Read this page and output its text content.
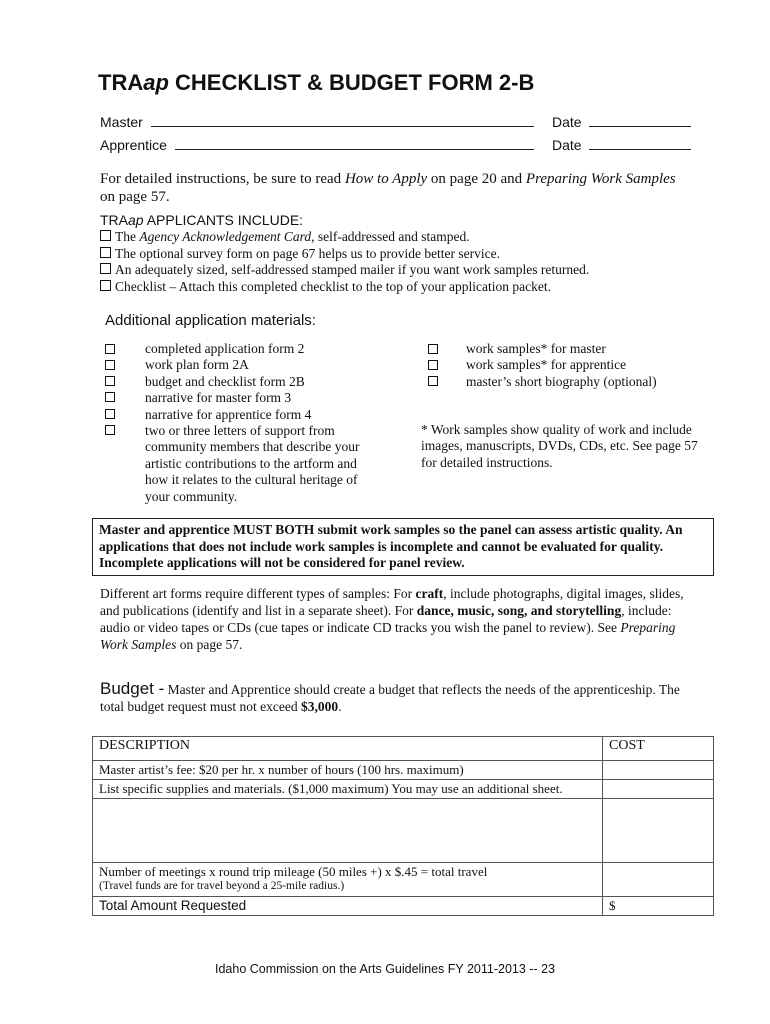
TRAap CHECKLIST & BUDGET FORM 2-B
Master	Date
Apprentice	Date
For detailed instructions, be sure to read How to Apply on page 20 and Preparing Work Samples on page 57.
TRAap APPLICANTS INCLUDE:
The Agency Acknowledgement Card, self-addressed and stamped.
The optional survey form on page 67 helps us to provide better service.
An adequately sized, self-addressed stamped mailer if you want work samples returned.
Checklist – Attach this completed checklist to the top of your application packet.
Additional application materials:
completed application form 2
work plan form 2A
budget and checklist form 2B
narrative for master form 3
narrative for apprentice form 4
two or three letters of support from community members that describe your artistic contributions to the artform and how it relates to the cultural heritage of your community.
work samples* for master
work samples* for apprentice
master’s short biography (optional)
* Work samples show quality of work and include images, manuscripts, DVDs, CDs, etc. See page 57 for detailed instructions.
Master and apprentice MUST BOTH submit work samples so the panel can assess artistic quality. An applications that does not include work samples is incomplete and cannot be evaluated for quality. Incomplete applications will not be considered for panel review.
Different art forms require different types of samples: For craft, include photographs, digital images, slides, and publications (identify and list in a separate sheet). For dance, music, song, and storytelling, include: audio or video tapes or CDs (cue tapes or indicate CD tracks you wish the panel to review). See Preparing Work Samples on page 57.
Budget - Master and Apprentice should create a budget that reflects the needs of the apprenticeship. The total budget request must not exceed $3,000.
DESCRIPTION	COST
Master artist’s fee: $20 per hr. x number of hours (100 hrs. maximum)	
List specific supplies and materials. ($1,000 maximum) You may use an additional sheet.	

Number of meetings x round trip mileage (50 miles +) x $.45 = total travel
(Travel funds are for travel beyond a 25-mile radius.)	

Total Amount Requested	$
Idaho Commission on the Arts Guidelines FY 2011-2013 -- 23
